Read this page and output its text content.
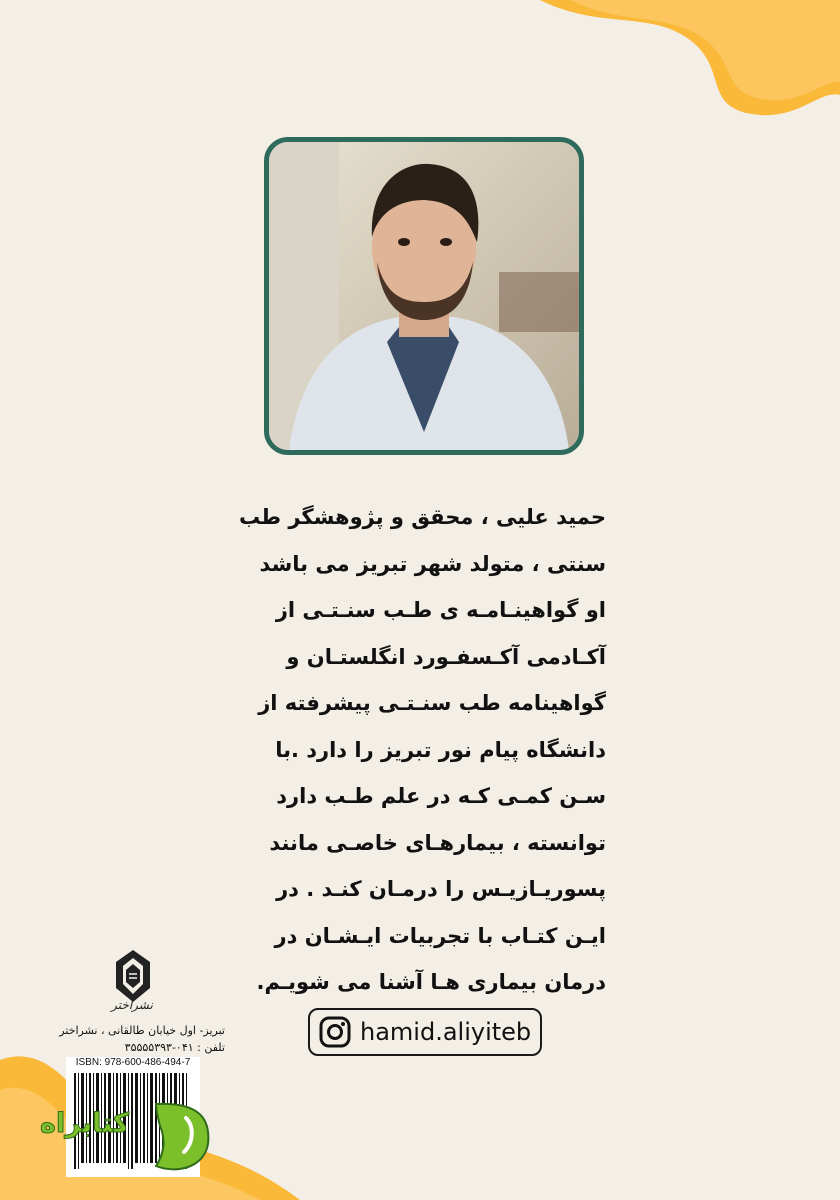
حمید علیی ، محقق و پژوهشگر طب
سنتی ، متولد شهر تبریز می باشد
او گواهینـامـه ی طـب سنـتـی از
آکـادمی آکـسفـورد انگلستـان و
گواهینامه طب سنـتـی پیشرفته از
دانشگاه پیام نور تبریز را دارد .با
سـن کمـی کـه در علم طـب دارد
توانسته ، بیمارهـای خاصـی مانند
پسوریـازیـس را درمـان کنـد . در
ایـن کتـاب با تجربیات ایـشـان در
درمان بیماری هـا آشنا می شویـم.
hamid.aliyiteb
نشراختر
تبریز- اول خیابان طالقانی ، نشراختر
تلفن : ۰۴۱-۳۵۵۵۵۳۹۳
ISBN: 978-600-486-494-7
کتابراه
